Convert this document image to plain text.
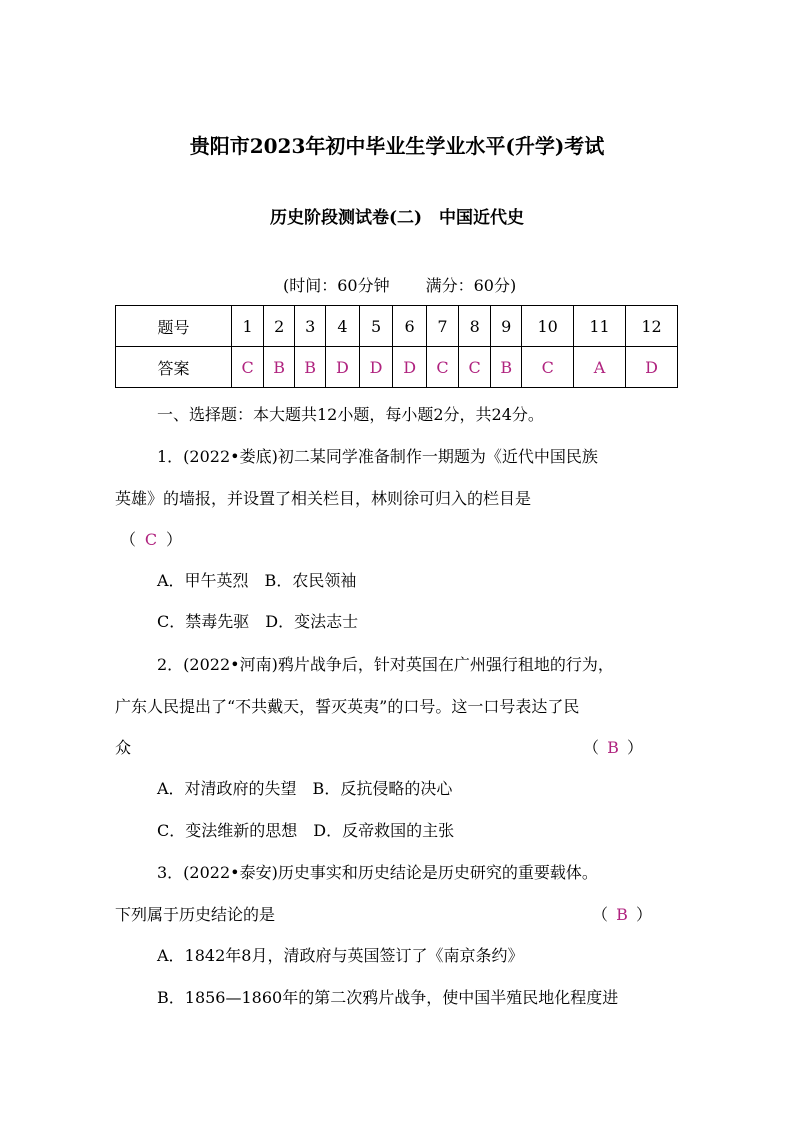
贵阳市2023年初中毕业生学业水平(升学)考试
历史阶段测试卷(二)　中国近代史
(时间：60分钟 满分：60分)
题号	1	2	3	4	5	6	7	8	9	10	11	12
答案	C	B	B	D	D	D	C	C	B	C	A	D
一、选择题：本大题共12小题，每小题2分，共24分。
1．(2022•娄底)初二某同学准备制作一期题为《近代中国民族
英雄》的墙报，并设置了相关栏目，林则徐可归入的栏目是
（ C ）
A．甲午英烈　B．农民领袖
C．禁毒先驱　D．变法志士
2．(2022•河南)鸦片战争后，针对英国在广州强行租地的行为，
广东人民提出了“不共戴天，誓灭英夷”的口号。这一口号表达了民
众	（ B ）
A．对清政府的失望　B．反抗侵略的决心
C．变法维新的思想　D．反帝救国的主张
3．(2022•泰安)历史事实和历史结论是历史研究的重要载体。
下列属于历史结论的是	（ B ）
A．1842年8月，清政府与英国签订了《南京条约》
B．1856—1860年的第二次鸦片战争，使中国半殖民地化程度进
